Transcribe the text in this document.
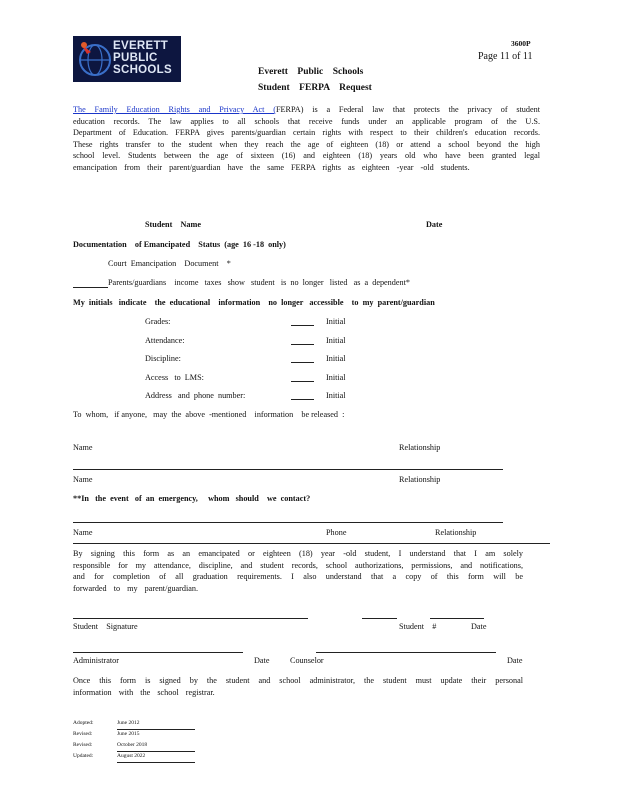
EVERETT
PUBLIC
SCHOOLS
3600P
Page 11 of 11
Everett    Public    Schools
Student    FERPA    Request
The Family Education Rights and Privacy Act (FERPA) is a Federal law that protects the privacy of student education records. The law applies to all schools that receive funds under an applicable program of the U.S. Department of Education. FERPA gives parents/guardian certain rights with respect to their children's education records. These rights transfer to the student when they reach the age of eighteen (18) or attend a school beyond the high school level. Students between the age of sixteen (16) and eighteen (18) years old who have been granted legal emancipation from their parent/guardian have the same FERPA rights as eighteen -year -old students.
Student    Name	Date
Documentation    of Emancipated    Status  (age  16 -18  only)
Court  Emancipation    Document    *
Parents/guardians    income   taxes   show   student   is  no  longer   listed   as  a  dependent*
My  initials   indicate    the  educational    information    no  longer   accessible    to  my  parent/guardian
Grades:	Initial
Attendance:	Initial
Discipline:	Initial
Access   to  LMS:	Initial
Address   and  phone  number:	Initial
To  whom,   if anyone,   may  the  above  -mentioned    information    be released  :
Name	Relationship
Name	Relationship
**In   the  event   of  an  emergency,     whom   should    we  contact?
Name	Phone	Relationship
By signing this form as an emancipated or eighteen (18) year -old student, I understand that I am solely responsible for my attendance, discipline, and student records, school authorizations, permissions, and notifications, and for completion of all graduation requirements. I also understand that a copy of this form will be forwarded to my parent/guardian.
Student    Signature	Student    #	Date
Administrator	Date	Counselor	Date
Once this form is signed by the student and school administrator, the student must update their personal information with the school registrar.
Adopted:	June 2012
Revised:	June 2015
Revised:	October 2018
Updated:	August 2022
